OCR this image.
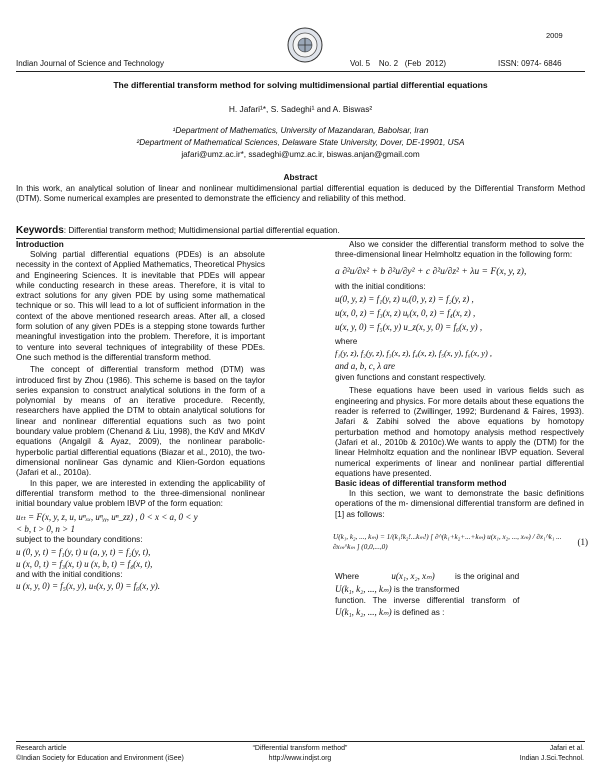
2009
Indian Journal of Science and Technology	Vol. 5    No. 2   (Feb  2012)	ISSN: 0974- 6846
The differential transform method for solving multidimensional partial differential equations
H. Jafari¹*, S. Sadeghi¹ and A. Biswas²
¹Department of Mathematics, University of Mazandaran, Babolsar, Iran
²Department of Mathematical Sciences, Delaware State University, Dover, DE-19901, USA
jafari@umz.ac.ir*, ssadeghi@umz.ac.ir, biswas.anjan@gmail.com
Abstract

In this work, an analytical solution of linear and nonlinear multidimensional partial differential equation is deduced by the Differential Transform Method (DTM). Some numerical examples are presented to demonstrate the efficiency and reliability of this method.

Keywords: Differential transform method; Multidimensional partial differential equation.

Introduction

Solving partial differential equations (PDEs) is an absolute necessity in the context of Applied Mathematics, Theoretical Physics and Engineering Sciences. It is inevitable that PDEs will appear while conducting research in these areas. Therefore, it is vital to extract solutions for any given PDE by using some mathematical technique or so. This will lead to a lot of sufficient information in the context of the above mentioned research areas. After all, a closed form solution of any given PDEs is a stepping stone towards further meaningful investigation into the problem. Therefore, it is important to venture into several techniques of integrability of these PDEs. One such method is the differential transform method.

The concept of differential transform method (DTM) was introduced first by Zhou (1986). This scheme is based on the taylor series expansion to construct analytical solutions in the form of a polynomial by means of an iterative procedure. Recently, researchers have applied the DTM to obtain analytical solutions for linear and nonlinear differential equations such as two point boundary value problem (Chenand & Liu, 1998), the KdV and MKdV equations (Angalgil & Ayaz, 2009), the nonlinear parabolic-hyperbolic partial differential equations (Biazar et al., 2010), the two-dimensional nonlinear Gas dynamic and Klien-Gordon equations (Jafari et al., 2010a).

In this paper, we are interested in extending the applicability of differential transform method to the three-dimensional nonlinear initial boundary value problem IBVP of the form equation:

uₜₜ = F(x, y, z, u, uⁿₓₓ, uⁿᵧᵧ, uⁿ_zz) , 0 < x < a, 0 < y
< b, t > 0, n > 1

subject to the boundary conditions:

u (0, y, t) = f₁(y, t) u (a, y, t) = f₂(y, t),
u (x, 0, t) = f₃(x, t) u (x, b, t) = f₄(x, t),

and with the initial conditions:

u (x, y, 0) = f₅(x, y), uₜ(x, y, 0) = f₆(x, y).

Also we consider the differential transform method to solve the three-dimensional linear Helmholtz equation in the following form:

a ∂²u/∂x² + b ∂²u/∂y² + c ∂²u/∂z² + λu = F(x, y, z),

with the initial conditions:

u(0, y, z) = f₁(y, z) uₓ(0, y, z) = f₂(y, z) ,
u(x, 0, z) = f₃(x, z) uᵧ(x, 0, z) = f₄(x, z) ,
u(x, y, 0) = f₅(x, y) u_z(x, y, 0) = f₆(x, y) ,

where

f₁(y, z), f₂(y, z), f₃(x, z), f₄(x, z), f₅(x, y), f₆(x, y) ,
and a, b, c, λ are

given functions and constant respectively.

These equations have been used in various fields such as engineering and physics. For more details about these equations the reader is referred to (Zwillinger, 1992; Burdenand & Faires, 1993). Jafari & Zabihi solved the above equations by homotopy perturbation method and homotopy analysis method respectively (Jafari et al., 2010b & 2010c).We wants to apply the (DTM) for the linear Helmholtz equation and the nonlinear IBVP equation. Several numerical experiments of linear and nonlinear partial differential equations have presented.

Basic ideas of differential transform method

In this section, we want to demonstrate the basic definitions operations of the m- dimensional differential transform are defined in [1] as follows:

U(k₁, k₂, ..., kₘ) = 1/(k₁!k₂!...kₘ!) [ ∂^(k₁+k₂+...+kₘ) u(x₁, x₂, ..., xₘ) / ∂x₁^k₁ ... ∂xₘ^kₘ ] (0,0,...,0)	(1)
Where	u(x₁, x₂, xₘ) is the original and
U(k₁, k₂, ..., kₘ) is the transformed

function.   The   inverse   differential   transform   of

U(k₁, k₂, ..., kₘ) is defined as :
Research article
©Indian Society for Education and Environment (iSee)
“Differential transform method”
http://www.indjst.org
Jafari et al.
Indian J.Sci.Technol.
